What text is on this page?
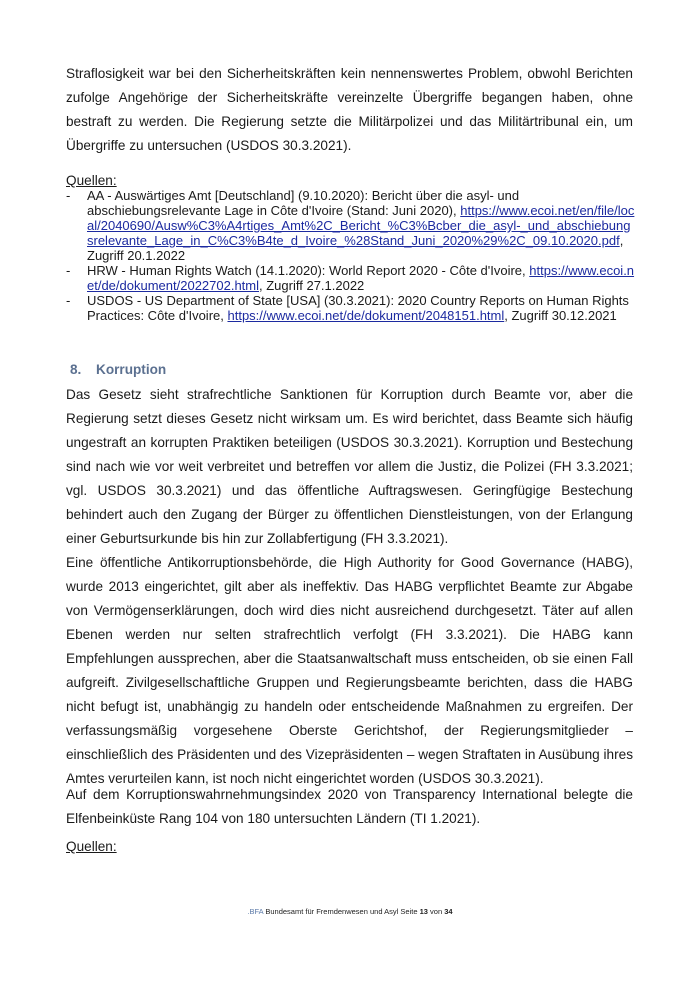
Straflosigkeit war bei den Sicherheitskräften kein nennenswertes Problem, obwohl Berichten zufolge Angehörige der Sicherheitskräfte vereinzelte Übergriffe begangen haben, ohne bestraft zu werden. Die Regierung setzte die Militärpolizei und das Militärtribunal ein, um Übergriffe zu untersuchen (USDOS 30.3.2021).

Quellen:
- AA - Auswärtiges Amt [Deutschland] (9.10.2020): Bericht über die asyl- und abschiebungsrelevante Lage in Côte d'Ivoire (Stand: Juni 2020), https://www.ecoi.net/en/file/local/2040690/Ausw%C3%A4rtiges_Amt%2C_Bericht_%C3%Bcber_die_asyl-_und_abschiebungsrelevante_Lage_in_C%C3%B4te_d_Ivoire_%28Stand_Juni_2020%29%2C_09.10.2020.pdf, Zugriff 20.1.2022
- HRW - Human Rights Watch (14.1.2020): World Report 2020 - Côte d'Ivoire, https://www.ecoi.net/de/dokument/2022702.html, Zugriff 27.1.2022
- USDOS - US Department of State [USA] (30.3.2021): 2020 Country Reports on Human Rights Practices: Côte d'Ivoire, https://www.ecoi.net/de/dokument/2048151.html, Zugriff 30.12.2021
8. Korruption

Das Gesetz sieht strafrechtliche Sanktionen für Korruption durch Beamte vor, aber die Regierung setzt dieses Gesetz nicht wirksam um. Es wird berichtet, dass Beamte sich häufig ungestraft an korrupten Praktiken beteiligen (USDOS 30.3.2021). Korruption und Bestechung sind nach wie vor weit verbreitet und betreffen vor allem die Justiz, die Polizei (FH 3.3.2021; vgl. USDOS 30.3.2021) und das öffentliche Auftragswesen. Geringfügige Bestechung behindert auch den Zugang der Bürger zu öffentlichen Dienstleistungen, von der Erlangung einer Geburtsurkunde bis hin zur Zollabfertigung (FH 3.3.2021).

Eine öffentliche Antikorruptionsbehörde, die High Authority for Good Governance (HABG), wurde 2013 eingerichtet, gilt aber als ineffektiv. Das HABG verpflichtet Beamte zur Abgabe von Vermögenserklärungen, doch wird dies nicht ausreichend durchgesetzt. Täter auf allen Ebenen werden nur selten strafrechtlich verfolgt (FH 3.3.2021). Die HABG kann Empfehlungen aussprechen, aber die Staatsanwaltschaft muss entscheiden, ob sie einen Fall aufgreift. Zivilgesellschaftliche Gruppen und Regierungsbeamte berichten, dass die HABG nicht befugt ist, unabhängig zu handeln oder entscheidende Maßnahmen zu ergreifen. Der verfassungsmäßig vorgesehene Oberste Gerichtshof, der Regierungsmitglieder – einschließlich des Präsidenten und des Vizepräsidenten – wegen Straftaten in Ausübung ihres Amtes verurteilen kann, ist noch nicht eingerichtet worden (USDOS 30.3.2021).

Auf dem Korruptionswahrnehmungsindex 2020 von Transparency International belegte die Elfenbeinküste Rang 104 von 180 untersuchten Ländern (TI 1.2021).

Quellen:
.BFA Bundesamt für Fremdenwesen und Asyl Seite 13 von 34
